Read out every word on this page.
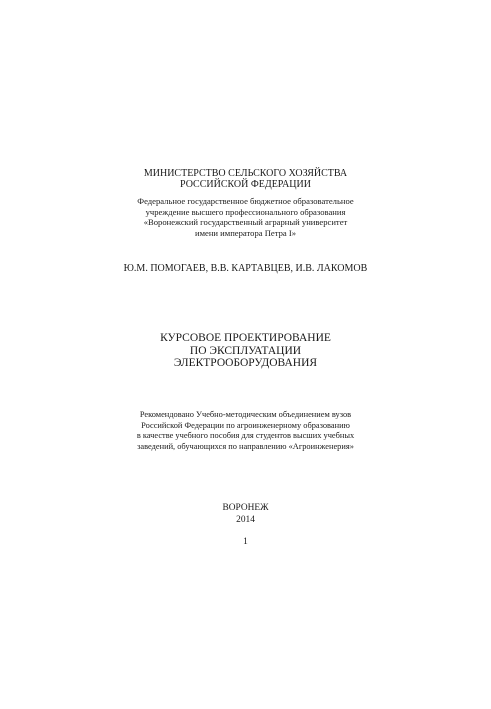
МИНИСТЕРСТВО СЕЛЬСКОГО ХОЗЯЙСТВА
РОССИЙСКОЙ ФЕДЕРАЦИИ
Федеральное государственное бюджетное образовательное
учреждение высшего профессионального образования
«Воронежский государственный аграрный университет
имени императора Петра I»
Ю.М. ПОМОГАЕВ, В.В. КАРТАВЦЕВ, И.В. ЛАКОМОВ
КУРСОВОЕ ПРОЕКТИРОВАНИЕ
ПО ЭКСПЛУАТАЦИИ
ЭЛЕКТРООБОРУДОВАНИЯ
Рекомендовано Учебно-методическим объединением вузов
Российской Федерации по агроинженерному образованию
в качестве учебного пособия для студентов высших учебных
заведений, обучающихся по направлению «Агроинженерия»
ВОРОНЕЖ
2014
1
